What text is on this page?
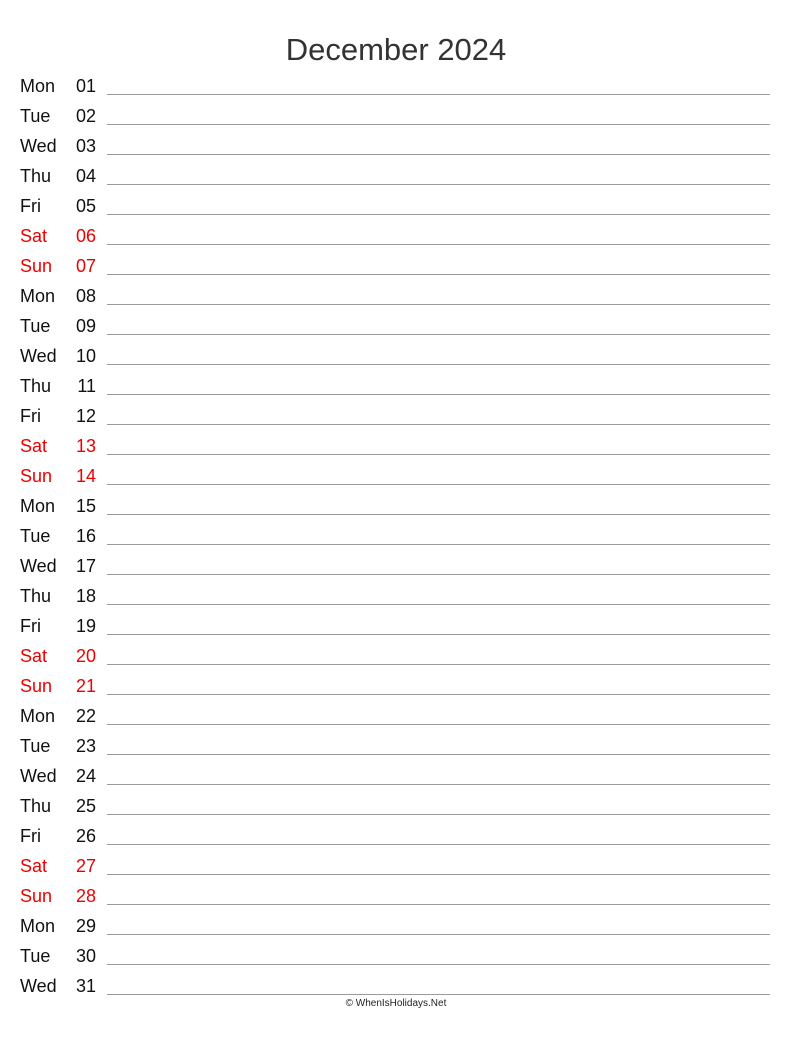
December 2024
Mon 01
Tue 02
Wed 03
Thu 04
Fri 05
Sat 06
Sun 07
Mon 08
Tue 09
Wed 10
Thu 11
Fri 12
Sat 13
Sun 14
Mon 15
Tue 16
Wed 17
Thu 18
Fri 19
Sat 20
Sun 21
Mon 22
Tue 23
Wed 24
Thu 25
Fri 26
Sat 27
Sun 28
Mon 29
Tue 30
Wed 31
© WhenIsHolidays.Net
